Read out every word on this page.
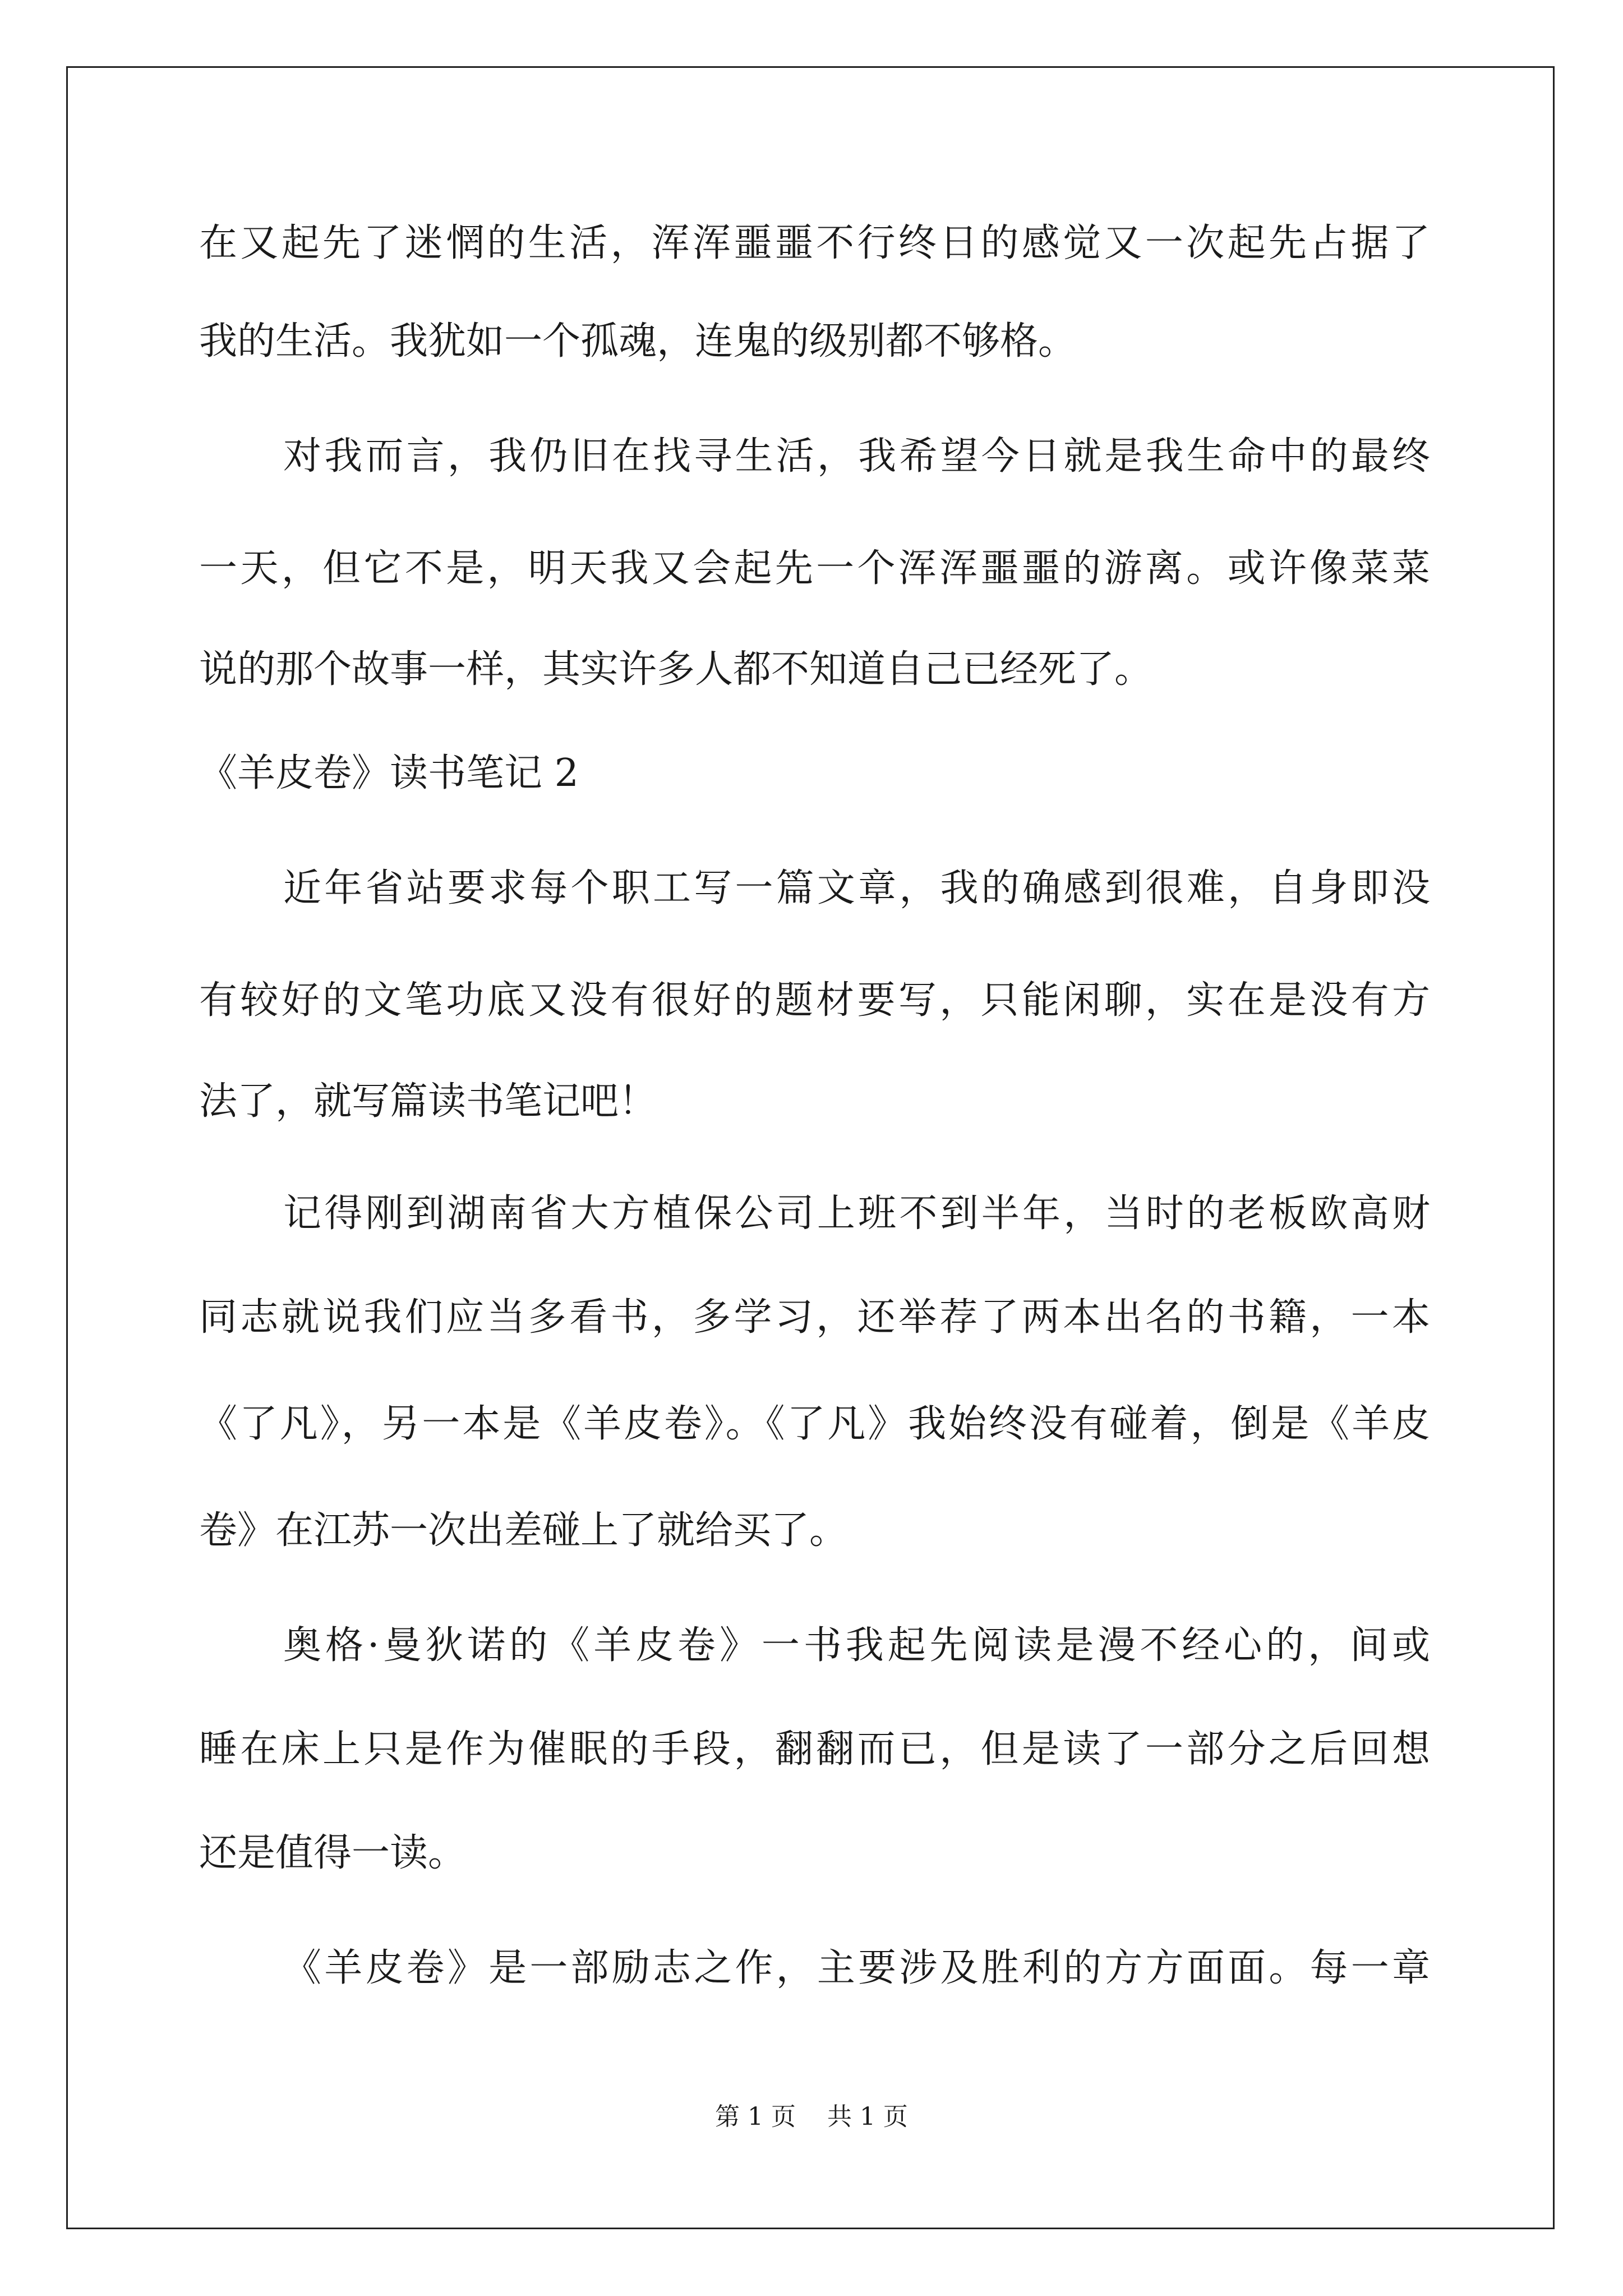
在又起先了迷惘的生活，浑浑噩噩不行终日的感觉又一次起先占据了
我的生活。我犹如一个孤魂，连鬼的级别都不够格。
对我而言，我仍旧在找寻生活，我希望今日就是我生命中的最终
一天，但它不是，明天我又会起先一个浑浑噩噩的游离。或许像菜菜
说的那个故事一样，其实许多人都不知道自己已经死了。
《羊皮卷》读书笔记 2
近年省站要求每个职工写一篇文章，我的确感到很难，自身即没
有较好的文笔功底又没有很好的题材要写，只能闲聊，实在是没有方
法了，就写篇读书笔记吧！
记得刚到湖南省大方植保公司上班不到半年，当时的老板欧高财
同志就说我们应当多看书，多学习，还举荐了两本出名的书籍，一本
《了凡》，另一本是《羊皮卷》。《了凡》我始终没有碰着，倒是《羊皮
卷》在江苏一次出差碰上了就给买了。
奥格·曼狄诺的《羊皮卷》一书我起先阅读是漫不经心的，间或
睡在床上只是作为催眠的手段，翻翻而已，但是读了一部分之后回想
还是值得一读。
《羊皮卷》是一部励志之作，主要涉及胜利的方方面面。每一章
第 1 页    共 1 页
